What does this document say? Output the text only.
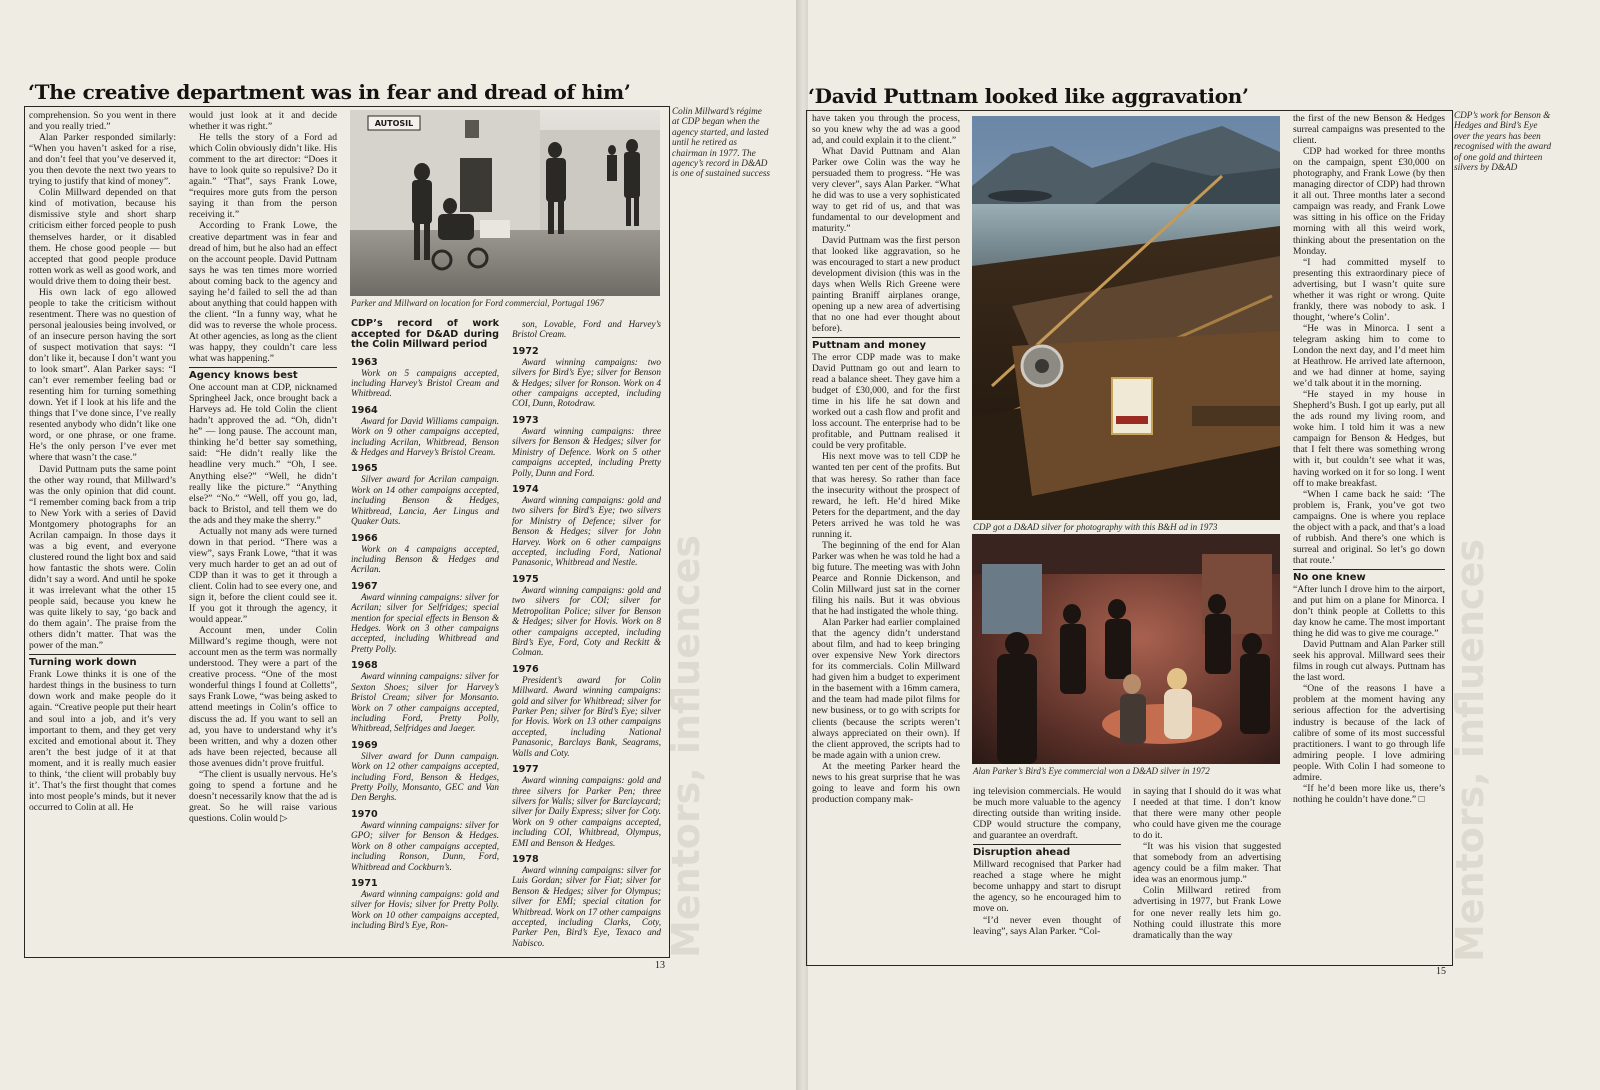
‘The creative department was in fear and dread of him’

comprehension. So you went in there and you really tried.”

Alan Parker responded similarly: “When you haven’t asked for a rise, and don’t feel that you’ve deserved it, you then devote the next two years to trying to justify that kind of money”.

Colin Millward depended on that kind of motivation, because his dismissive style and short sharp criticism either forced people to push themselves harder, or it disabled them. He chose good people — but accepted that good people produce rotten work as well as good work, and would drive them to doing their best.

His own lack of ego allowed people to take the criticism without resentment. There was no question of personal jealousies being involved, or of an insecure person having the sort of suspect motivation that says: “I don’t like it, because I don’t want you to look smart”. Alan Parker says: “I can’t ever remember feeling bad or resenting him for turning something down. Yet if I look at his life and the things that I’ve done since, I’ve really resented anybody who didn’t like one word, or one phrase, or one frame. He’s the only person I’ve ever met where that wasn’t the case.”

David Puttnam puts the same point the other way round, that Millward’s was the only opinion that did count. “I remember coming back from a trip to New York with a series of David Montgomery photographs for an Acrilan campaign. In those days it was a big event, and everyone clustered round the light box and said how fantastic the shots were. Colin didn’t say a word. And until he spoke it was irrelevant what the other 15 people said, because you knew he was quite likely to say, ‘go back and do them again’. The praise from the others didn’t matter. That was the power of the man.”

Turning work down

Frank Lowe thinks it is one of the hardest things in the business to turn down work and make people do it again. “Creative people put their heart and soul into a job, and it’s very important to them, and they get very excited and emotional about it. They aren’t the best judge of it at that moment, and it is really much easier to think, ‘the client will probably buy it’. That’s the first thought that comes into most people’s minds, but it never occurred to Colin at all. He

would just look at it and decide whether it was right.”

He tells the story of a Ford ad which Colin obviously didn’t like. His comment to the art director: “Does it have to look quite so repulsive? Do it again.” “That”, says Frank Lowe, “requires more guts from the person saying it than from the person receiving it.”

According to Frank Lowe, the creative department was in fear and dread of him, but he also had an effect on the account people. David Puttnam says he was ten times more worried about coming back to the agency and saying he’d failed to sell the ad than about anything that could happen with the client. “In a funny way, what he did was to reverse the whole process. At other agencies, as long as the client was happy, they couldn’t care less what was happening.”

Agency knows best

One account man at CDP, nicknamed Springheel Jack, once brought back a Harveys ad. He told Colin the client hadn’t approved the ad. “Oh, didn’t he” — long pause. The account man, thinking he’d better say something, said: “He didn’t really like the headline very much.” “Oh, I see. Anything else?” “Well, he didn’t really like the picture.” “Anything else?” “No.” “Well, off you go, lad, back to Bristol, and tell them we do the ads and they make the sherry.”

Actually not many ads were turned down in that period. “There was a view”, says Frank Lowe, “that it was very much harder to get an ad out of CDP than it was to get it through a client. Colin had to see every one, and sign it, before the client could see it. If you got it through the agency, it would appear.”

Account men, under Colin Millward’s regime though, were not account men as the term was normally understood. They were a part of the creative process. “One of the most wonderful things I found at Colletts”, says Frank Lowe, “was being asked to attend meetings in Colin’s office to discuss the ad. If you want to sell an ad, you have to understand why it’s been written, and why a dozen other ads have been rejected, because all those avenues didn’t prove fruitful.

“The client is usually nervous. He’s going to spend a fortune and he doesn’t necessarily know that the ad is great. So he will raise various questions. Colin would ▷

AUTOSIL
Parker and Millward on location for Ford commercial, Portugal 1967
CDP’s record of work accepted for D&AD during the Colin Millward period
1963

Work on 5 campaigns accepted, including Harvey’s Bristol Cream and Whitbread.

1964

Award for David Williams campaign. Work on 9 other campaigns accepted, including Acrilan, Whitbread, Benson & Hedges and Harvey’s Bristol Cream.

1965

Silver award for Acrilan campaign. Work on 14 other campaigns accepted, including Benson & Hedges, Whitbread, Lancia, Aer Lingus and Quaker Oats.

1966

Work on 4 campaigns accepted, including Benson & Hedges and Acrilan.

1967

Award winning campaigns: silver for Acrilan; silver for Selfridges; special mention for special effects in Benson & Hedges. Work on 3 other campaigns accepted, including Whitbread and Pretty Polly.

1968

Award winning campaigns: silver for Sexton Shoes; silver for Harvey’s Bristol Cream; silver for Monsanto. Work on 7 other campaigns accepted, including Ford, Pretty Polly, Whitbread, Selfridges and Jaeger.

1969

Silver award for Dunn campaign. Work on 12 other campaigns accepted, including Ford, Benson & Hedges, Pretty Polly, Monsanto, GEC and Van Den Berghs.

1970

Award winning campaigns: silver for GPO; silver for Benson & Hedges. Work on 8 other campaigns accepted, including Ronson, Dunn, Ford, Whitbread and Cockburn’s.

1971

Award winning campaigns: gold and silver for Hovis; silver for Pretty Polly. Work on 10 other campaigns accepted, including Bird’s Eye, Ron-

son, Lovable, Ford and Harvey’s Bristol Cream.

1972

Award winning campaigns: two silvers for Bird’s Eye; silver for Benson & Hedges; silver for Ronson. Work on 4 other campaigns accepted, including COI, Dunn, Rotodraw.

1973

Award winning campaigns: three silvers for Benson & Hedges; silver for Ministry of Defence. Work on 5 other campaigns accepted, including Pretty Polly, Dunn and Ford.

1974

Award winning campaigns: gold and two silvers for Bird’s Eye; two silvers for Ministry of Defence; silver for Benson & Hedges; silver for John Harvey. Work on 6 other campaigns accepted, including Ford, National Panasonic, Whitbread and Nestle.

1975

Award winning campaigns: gold and two silvers for COI; silver for Metropolitan Police; silver for Benson & Hedges; silver for Hovis. Work on 8 other campaigns accepted, including Bird’s Eye, Ford, Coty and Reckitt & Colman.

1976

President’s award for Colin Millward. Award winning campaigns: gold and silver for Whitbread; silver for Parker Pen; silver for Bird’s Eye; silver for Hovis. Work on 13 other campaigns accepted, including National Panasonic, Barclays Bank, Seagrams, Walls and Coty.

1977

Award winning campaigns: gold and three silvers for Parker Pen; three silvers for Walls; silver for Barclaycard; silver for Daily Express; silver for Coty. Work on 9 other campaigns accepted, including COI, Whitbread, Olympus, EMI and Benson & Hedges.

1978

Award winning campaigns: silver for Luis Gordan; silver for Fiat; silver for Benson & Hedges; silver for Olympus; silver for EMI; special citation for Whitbread. Work on 17 other campaigns accepted, including Clarks, Coty, Parker Pen, Bird’s Eye, Texaco and Nabisco.

Colin Millward’s régime at CDP began when the agency started, and lasted until he retired as chairman in 1977. The agency’s record in D&AD is one of sustained success
Mentors, influences
13
‘David Puttnam looked like aggravation’

have taken you through the process, so you knew why the ad was a good ad, and could explain it to the client.”

What David Puttnam and Alan Parker owe Colin was the way he persuaded them to progress. “He was very clever”, says Alan Parker. “What he did was to use a very sophisticated way to get rid of us, and that was fundamental to our development and maturity.”

David Puttnam was the first person that looked like aggravation, so he was encouraged to start a new product development division (this was in the days when Wells Rich Greene were painting Braniff airplanes orange, opening up a new area of advertising that no one had ever thought about before).

Puttnam and money

The error CDP made was to make David Puttnam go out and learn to read a balance sheet. They gave him a budget of £30,000, and for the first time in his life he sat down and worked out a cash flow and profit and loss account. The enterprise had to be profitable, and Puttnam realised it could be very profitable.

His next move was to tell CDP he wanted ten per cent of the profits. But that was heresy. So rather than face the insecurity without the prospect of reward, he left. He’d hired Mike Peters for the department, and the day Peters arrived he was told he was running it.

The beginning of the end for Alan Parker was when he was told he had a big future. The meeting was with John Pearce and Ronnie Dickenson, and Colin Millward just sat in the corner filing his nails. But it was obvious that he had instigated the whole thing.

Alan Parker had earlier complained that the agency didn’t understand about film, and had to keep bringing over expensive New York directors for its commercials. Colin Millward had given him a budget to experiment in the basement with a 16mm camera, and the team had made pilot films for new business, or to go with scripts for clients (because the scripts weren’t always appreciated on their own). If the client approved, the scripts had to be made again with a union crew.

At the meeting Parker heard the news to his great surprise that he was going to leave and form his own production company mak-

CDP got a D&AD silver for photography with this B&H ad in 1973
Alan Parker’s Bird’s Eye commercial won a D&AD silver in 1972

ing television commercials. He would be much more valuable to the agency directing outside than writing inside. CDP would structure the company, and guarantee an overdraft.

Disruption ahead

Millward recognised that Parker had reached a stage where he might become unhappy and start to disrupt the agency, so he encouraged him to move on.

“I’d never even thought of leaving”, says Alan Parker. “Col-

in saying that I should do it was what I needed at that time. I don’t know that there were many other people who could have given me the courage to do it.

“It was his vision that suggested that somebody from an advertising agency could be a film maker. That idea was an enormous jump.”

Colin Millward retired from advertising in 1977, but Frank Lowe for one never really lets him go. Nothing could illustrate this more dramatically than the way

the first of the new Benson & Hedges surreal campaigns was presented to the client.

CDP had worked for three months on the campaign, spent £30,000 on photography, and Frank Lowe (by then managing director of CDP) had thrown it all out. Three months later a second campaign was ready, and Frank Lowe was sitting in his office on the Friday morning with all this weird work, thinking about the presentation on the Monday.

“I had committed myself to presenting this extraordinary piece of advertising, but I wasn’t quite sure whether it was right or wrong. Quite frankly, there was nobody to ask. I thought, ‘where’s Colin’.

“He was in Minorca. I sent a telegram asking him to come to London the next day, and I’d meet him at Heathrow. He arrived late afternoon, and we had dinner at home, saying we’d talk about it in the morning.

“He stayed in my house in Shepherd’s Bush. I got up early, put all the ads round my living room, and woke him. I told him it was a new campaign for Benson & Hedges, but that I felt there was something wrong with it, but couldn’t see what it was, having worked on it for so long. I went off to make breakfast.

“When I came back he said: ‘The problem is, Frank, you’ve got two campaigns. One is where you replace the object with a pack, and that’s a load of rubbish. And there’s one which is surreal and original. So let’s go down that route.’

No one knew

“After lunch I drove him to the airport, and put him on a plane for Minorca. I don’t think people at Colletts to this day know he came. The most important thing he did was to give me courage.”

David Puttnam and Alan Parker still seek his approval. Millward sees their films in rough cut always. Puttnam has the last word.

“One of the reasons I have a problem at the moment having any serious affection for the advertising industry is because of the lack of calibre of some of its most successful practitioners. I want to go through life admiring people. I love admiring people. With Colin I had someone to admire.

“If he’d been more like us, there’s nothing he couldn’t have done.” □

CDP’s work for Benson & Hedges and Bird’s Eye over the years has been recognised with the award of one gold and thirteen silvers by D&AD
Mentors, influences
15
